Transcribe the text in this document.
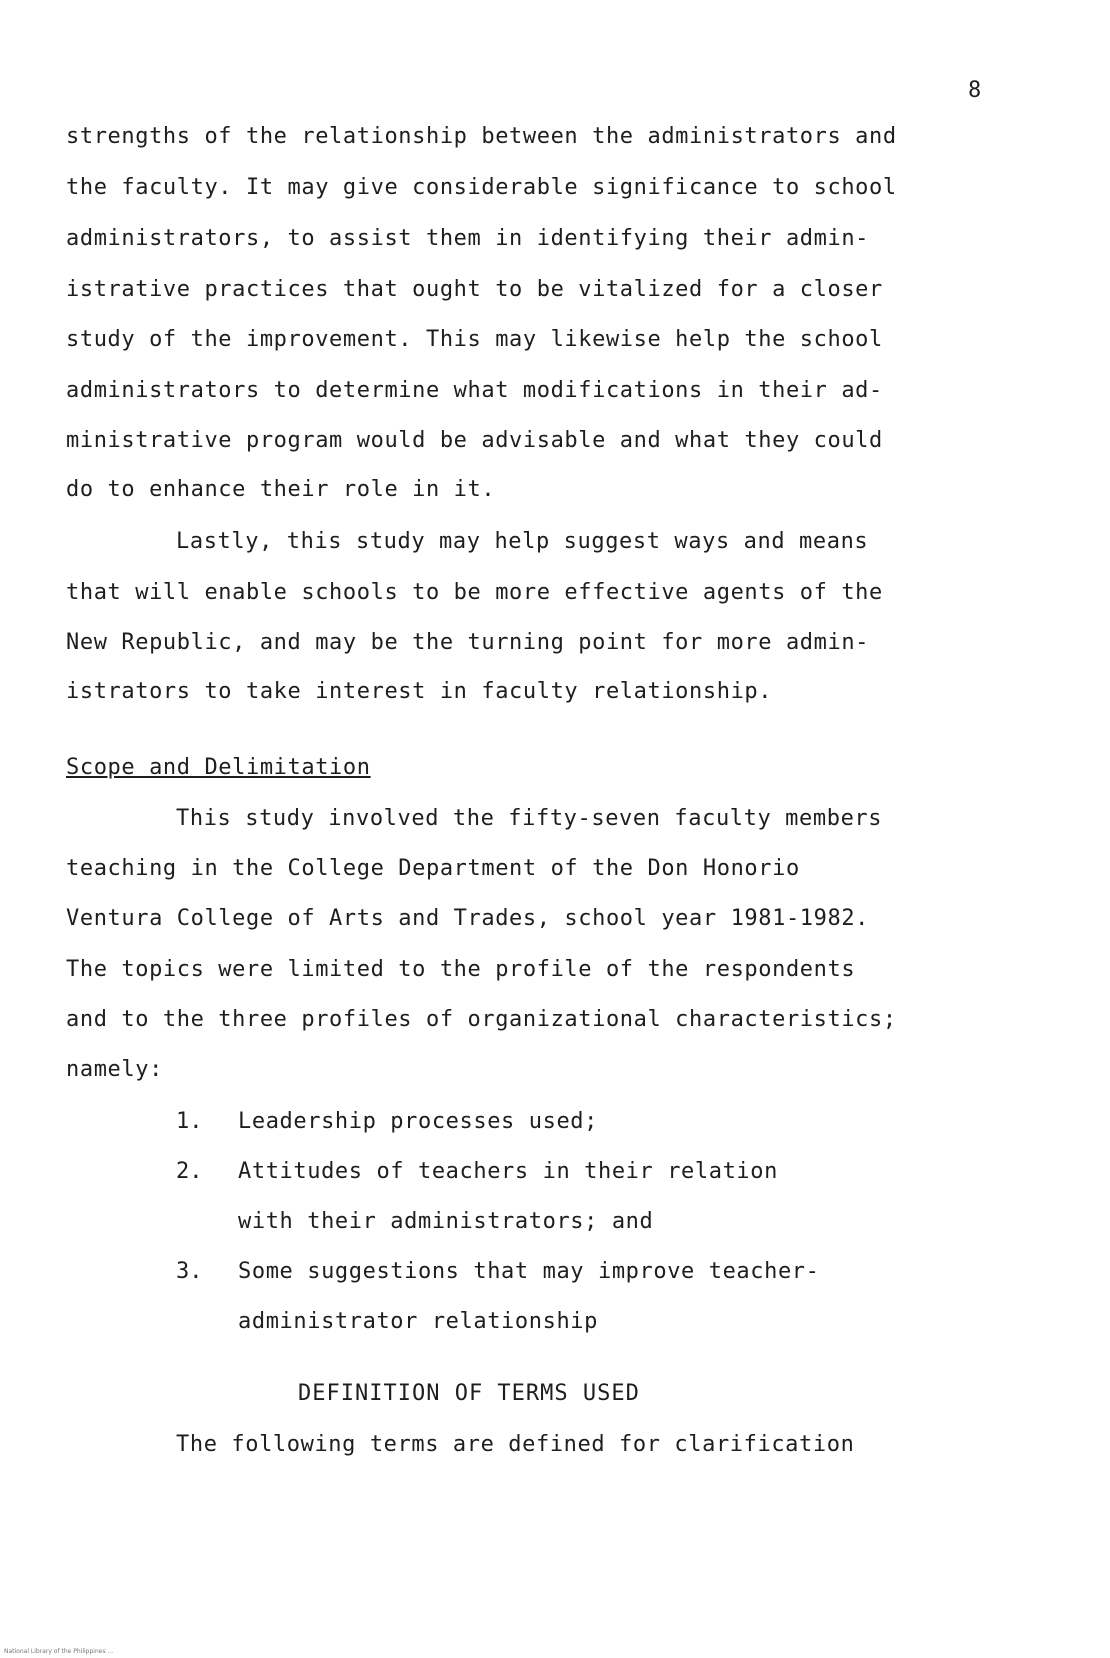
8
strengths of the relationship between the administrators and
the faculty. It may give considerable significance to school
administrators, to assist them in identifying their admin-
istrative practices that ought to be vitalized for a closer
study of the improvement. This may likewise help the school
administrators to determine what modifications in their ad-
ministrative program would be advisable and what they could
do to enhance their role in it.
Lastly, this study may help suggest ways and means
that will enable schools to be more effective agents of the
New Republic, and may be the turning point for more admin-
istrators to take interest in faculty relationship.
Scope and Delimitation
This study involved the fifty-seven faculty members
teaching in the College Department of the Don Honorio
Ventura College of Arts and Trades, school year 1981-1982.
The topics were limited to the profile of the respondents
and to the three profiles of organizational characteristics;
namely:
1. Leadership processes used;
2. Attitudes of teachers in their relation
with their administrators; and
3. Some suggestions that may improve teacher-
administrator relationship
DEFINITION OF TERMS USED
The following terms are defined for clarification
National Library of the Philippines ...
